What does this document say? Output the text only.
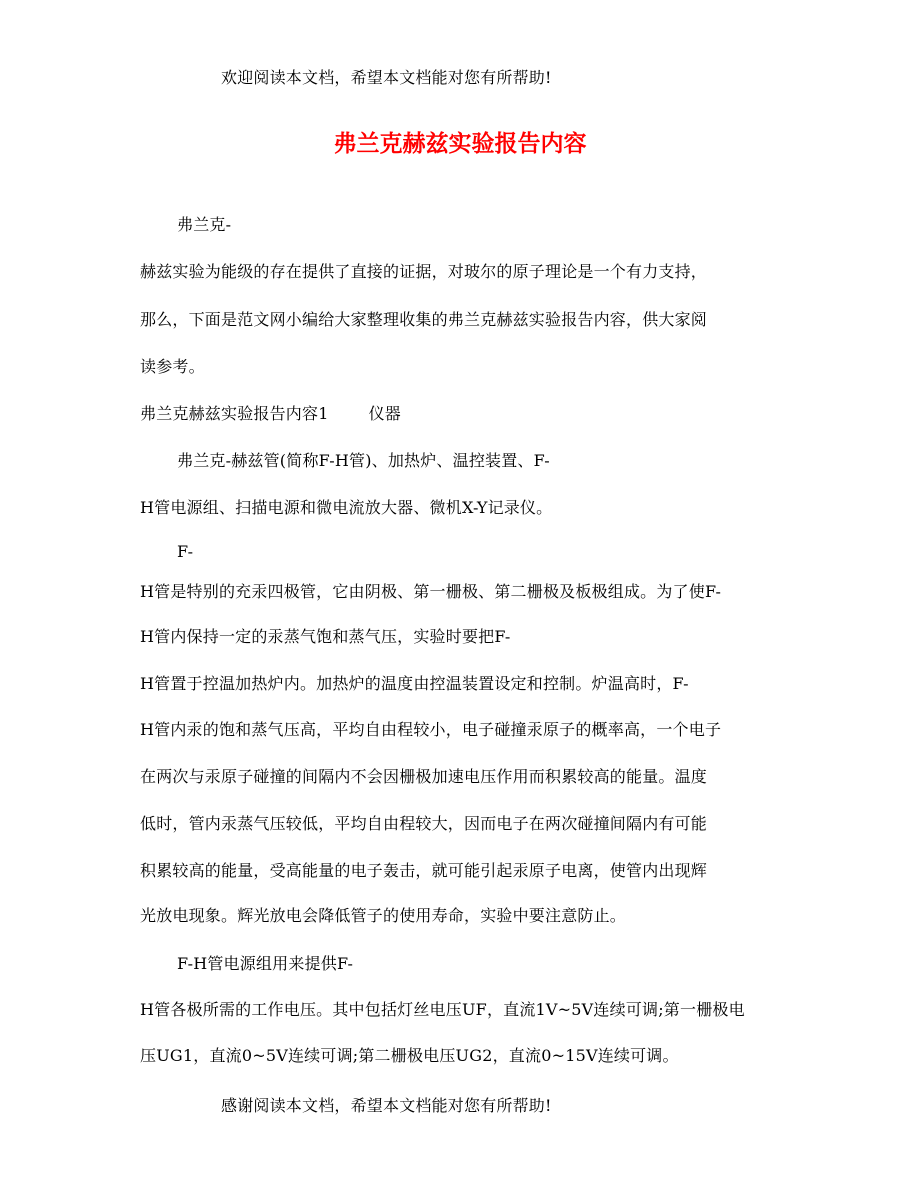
欢迎阅读本文档，希望本文档能对您有所帮助!
弗兰克赫兹实验报告内容
弗兰克-
赫兹实验为能级的存在提供了直接的证据，对玻尔的原子理论是一个有力支持，
那么，下面是范文网小编给大家整理收集的弗兰克赫兹实验报告内容，供大家阅
读参考。
弗兰克赫兹实验报告内容1	仪器
弗兰克-赫兹管(简称F-H管)、加热炉、温控装置、F-
H管电源组、扫描电源和微电流放大器、微机X-Y记录仪。
F-
H管是特别的充汞四极管，它由阴极、第一栅极、第二栅极及板极组成。为了使F-
H管内保持一定的汞蒸气饱和蒸气压，实验时要把F-
H管置于控温加热炉内。加热炉的温度由控温装置设定和控制。炉温高时，F-
H管内汞的饱和蒸气压高，平均自由程较小，电子碰撞汞原子的概率高，一个电子
在两次与汞原子碰撞的间隔内不会因栅极加速电压作用而积累较高的能量。温度
低时，管内汞蒸气压较低，平均自由程较大，因而电子在两次碰撞间隔内有可能
积累较高的能量，受高能量的电子轰击，就可能引起汞原子电离，使管内出现辉
光放电现象。辉光放电会降低管子的使用寿命，实验中要注意防止。
F-H管电源组用来提供F-
H管各极所需的工作电压。其中包括灯丝电压UF，直流1V~5V连续可调;第一栅极电
压UG1，直流0~5V连续可调;第二栅极电压UG2，直流0~15V连续可调。
感谢阅读本文档，希望本文档能对您有所帮助!
